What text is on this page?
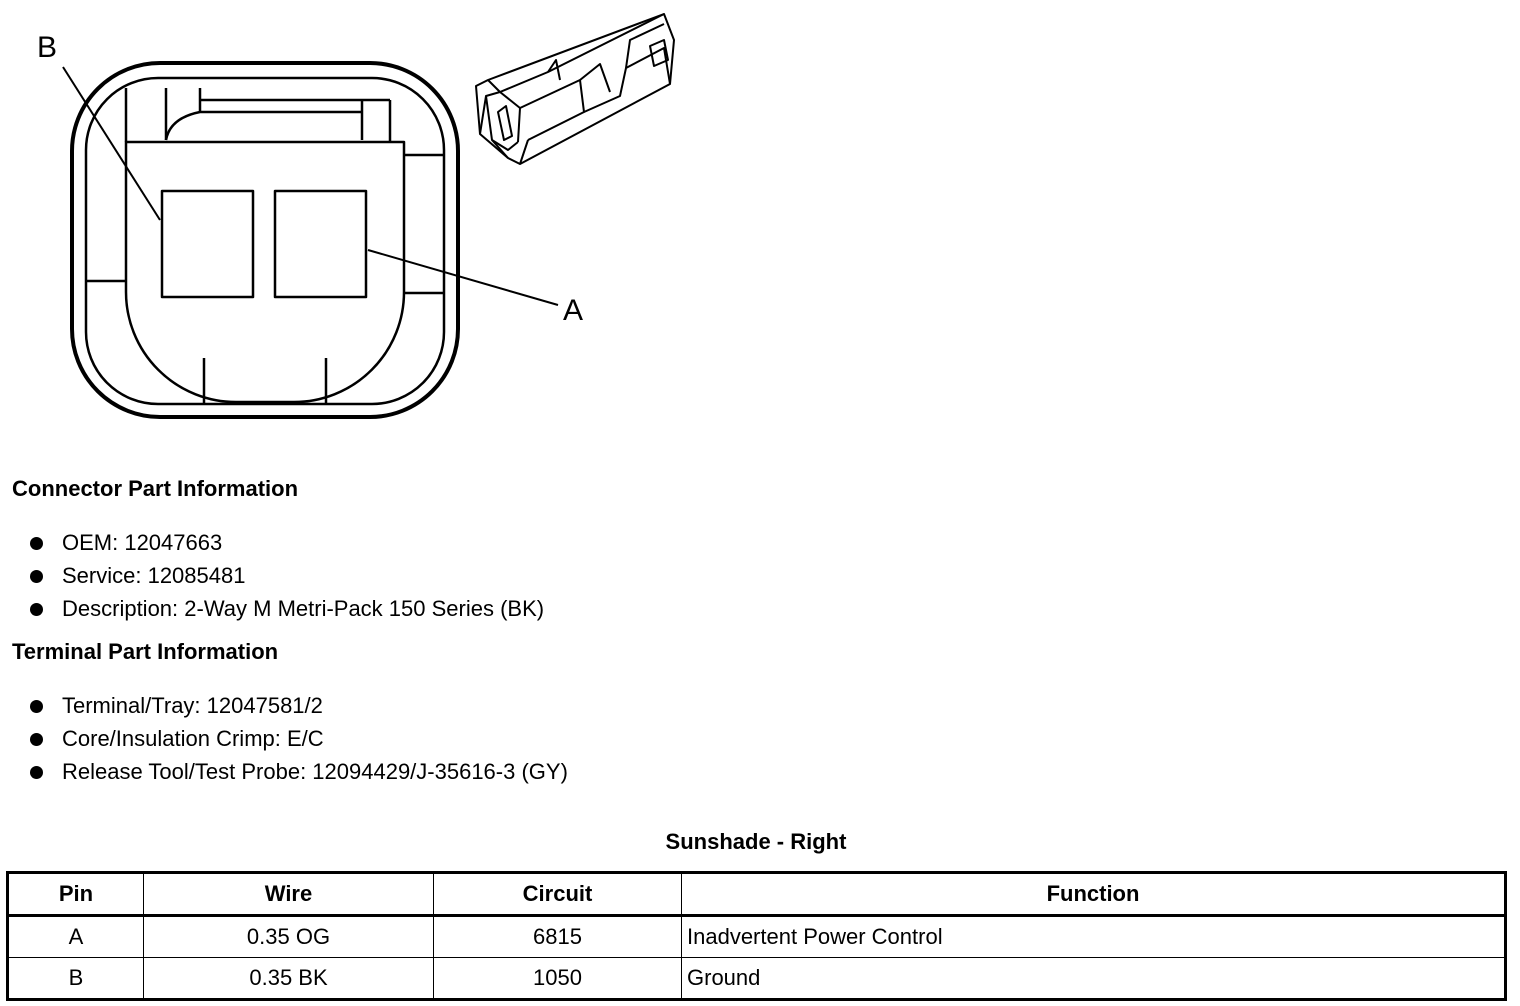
B
A
Connector Part Information
OEM: 12047663
Service: 12085481
Description: 2-Way M Metri-Pack 150 Series (BK)
Terminal Part Information
Terminal/Tray: 12047581/2
Core/Insulation Crimp: E/C
Release Tool/Test Probe: 12094429/J-35616-3 (GY)
Sunshade - Right
Pin	Wire	Circuit	Function
A	0.35 OG	6815	Inadvertent Power Control
B	0.35 BK	1050	Ground
